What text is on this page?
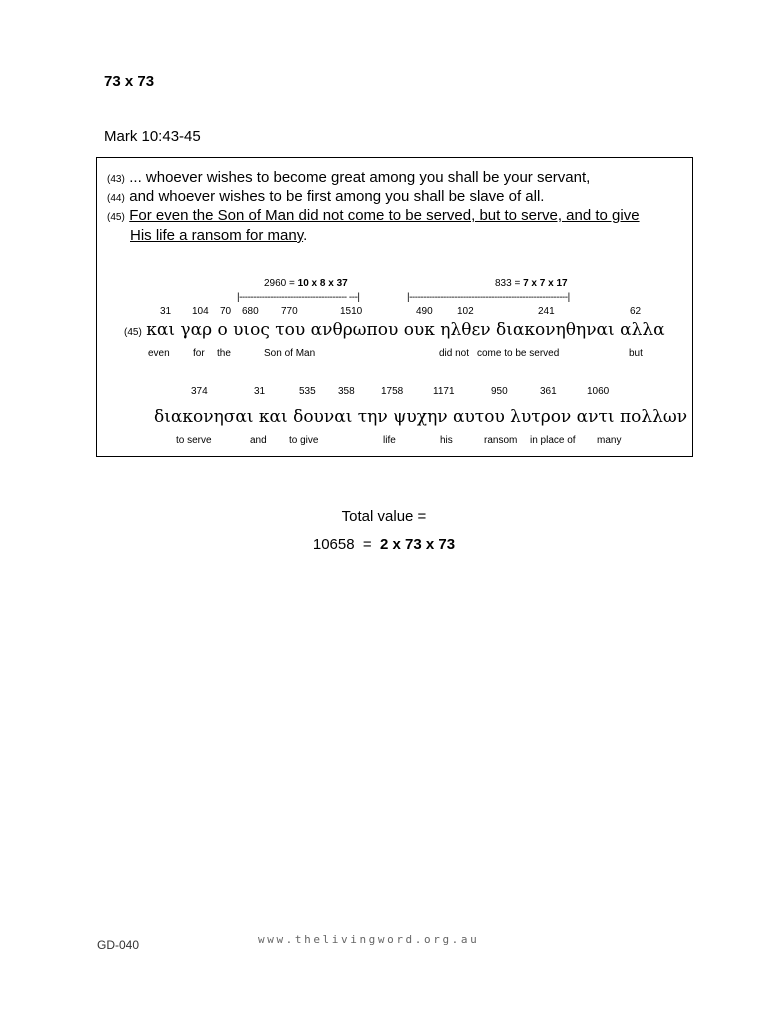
73 x 73
Mark 10:43-45
(43) ... whoever wishes to become great among you shall be your servant,
(44) and whoever wishes to be first among you shall be slave of all.
(45) For even the Son of Man did not come to be served, but to serve, and to give
His life a ransom for many.
2960 = 10 x 8 x 37	833 = 7 x 7 x 17
|-------------------------------------- ---|	|--------------------------------------------------------|
31 104 70 680 770	1510	490 102	241	62
(45) και γαρ ο υιος του ανθρωπου ουκ ηλθεν διακονηθηναι αλλα
even for the	Son of Man	did not come to be served	but
374	31	535 358	1758	1171	950	361	1060
διακονησαι και δουναι την ψυχην αυτου λυτρον αντι πολλων
to serve	and to give	life	his	ransom in place of many
Total value =
10658  =  2 x 73 x 73
GD-040	www.thelivingword.org.au
